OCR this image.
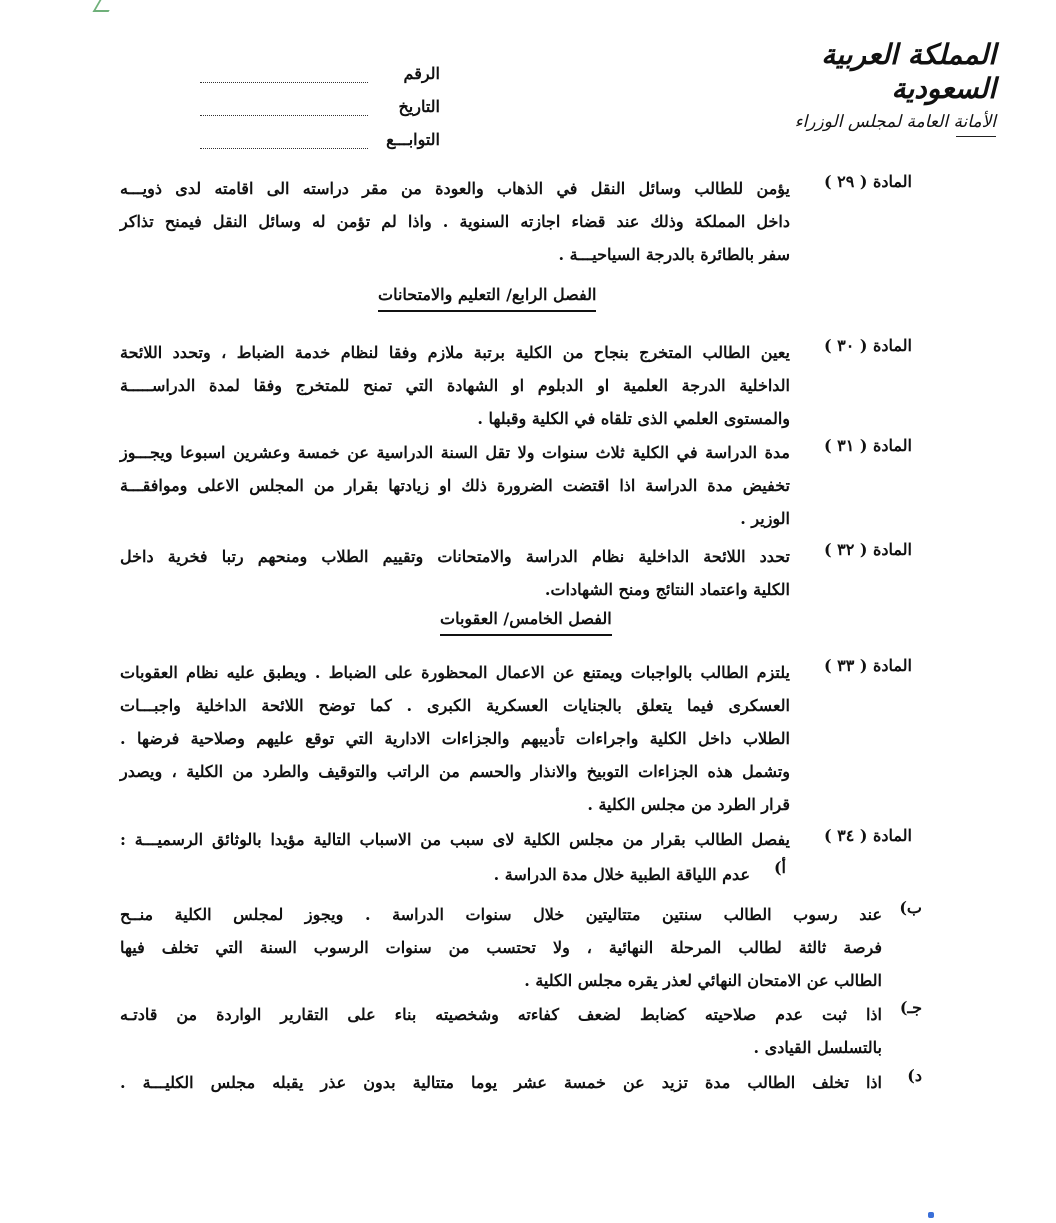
المملكة العربية السعودية
الأمانة العامة لمجلس الوزراء
الرقم
التاريخ
التوابـــع
المادة ( ٢٩ )
يؤمن للطالب وسائل النقل في الذهاب والعودة من مقر دراسته الى اقامته لدى ذويـــه
داخل المملكة وذلك عند قضاء اجازته السنوية . واذا لم تؤمن له وسائل النقل فيمنح تذاكر
سفر بالطائرة بالدرجة السياحيـــة .
الفصل الرابع/ التعليم والامتحانات
المادة ( ٣٠ )
يعين الطالب المتخرج بنجاح من الكلية برتبة ملازم وفقا لنظام خدمة الضباط ، وتحدد اللائحة
الداخلية الدرجة العلمية او الدبلوم او الشهادة التي تمنح للمتخرج وفقا لمدة الدراســـــة
والمستوى العلمي الذى تلقاه في الكلية وقبلها .
المادة ( ٣١ )
مدة الدراسة في الكلية ثلاث سنوات ولا تقل السنة الدراسية عن خمسة وعشرين اسبوعا ويجـــوز
تخفيض مدة الدراسة اذا اقتضت الضرورة ذلك او زيادتها بقرار من المجلس الاعلى وموافقـــة
الوزير .
المادة ( ٣٢ )
تحدد اللائحة الداخلية نظام الدراسة والامتحانات وتقييم الطلاب ومنحهم رتبا فخرية داخل
الكلية واعتماد النتائج ومنح الشهادات.
الفصل الخامس/ العقوبات
المادة ( ٣٣ )
يلتزم الطالب بالواجبات ويمتنع عن الاعمال المحظورة على الضباط . ويطبق عليه نظام العقوبات
العسكرى فيما يتعلق بالجنايات العسكرية الكبرى . كما توضح اللائحة الداخلية واجبـــات
الطلاب داخل الكلية واجراءات تأديبهم والجزاءات الادارية التي توقع عليهم وصلاحية فرضها .
وتشمل هذه الجزاءات التوبيخ والانذار والحسم من الراتب والتوقيف والطرد من الكلية ، ويصدر
قرار الطرد من مجلس الكلية .
المادة ( ٣٤ )
يفصل الطالب بقرار من مجلس الكلية لاى سبب من الاسباب التالية مؤيدا بالوثائق الرسميـــة :
أ)
عدم اللياقة الطبية خلال مدة الدراسة .
ب)
عند رسوب الطالب سنتين متتاليتين خلال سنوات الدراسة . ويجوز لمجلس الكلية منــح
فرصة ثالثة لطالب المرحلة النهائية ، ولا تحتسب من سنوات الرسوب السنة التي تخلف فيها
الطالب عن الامتحان النهائي لعذر يقره مجلس الكلية .
جـ)
اذا ثبت عدم صلاحيته كضابط لضعف كفاءته وشخصيته بناء على التقارير الواردة من قادتـه
بالتسلسل القيادى .
د)
اذا تخلف الطالب مدة تزيد عن خمسة عشر يوما متتالية بدون عذر يقبله مجلس الكليـــة .
